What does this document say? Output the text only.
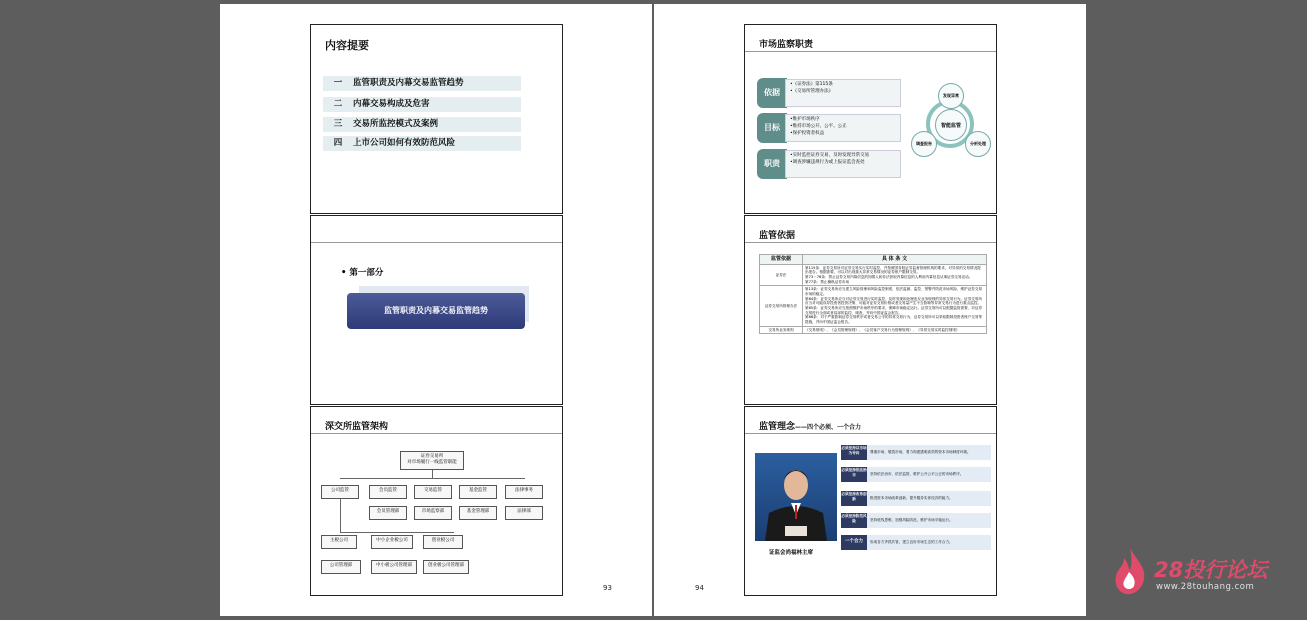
内容提要
一 监管职责及内幕交易监管趋势
二 内幕交易构成及危害
三 交易所监控模式及案例
四 上市公司如何有效防范风险
• 第一部分
监管职责及内幕交易监管趋势
深交所监管架构
证券交易所
对市场履行一线监管职能
公司监管	会员监管	交易监管	基金监管	法律事务
会员管理部	市场监察部	基金管理部	法律部
主板公司	中小企业板公司	创业板公司
公司管理部	中小板公司管理部	创业板公司管理部
93
市场监察职责
依据
•《证券法》第115条
•《交易所管理办法》
目标
•维护市场秩序
•维持市场公开、公平、公正
•保护投资者权益
职责
•实时监控证券交易，及时发现异常交易
•调查涉嫌违规行为或上报证监会查处
智能监管
发现异常
分析处理
调查报告
监管依据
监管依据	具 体 条 文
证券法	第115条：证券交易所对证券交易实行实时监控，并按照国务院证券监督管理机构的要求，对异常的交易情况提出报告。根据需要，可以对出现重大异常交易情况的证券账户限制交易。
第73－76条：禁止证券交易内幕信息的知情人和非法获取内幕信息的人利用内幕信息从事证券交易活动。
第77条：禁止操纵证券市场

证券交易所管理办法	第13条：证券交易所应当建立风险管理和风险监控制度，依法监测、监控、预警并防范市场风险，维护证券交易市场的稳定。
第64条：证券交易所应当对证券交易进行实时监控，及时发现和处理违反业务规则的异常交易行为。证券交易所应当对可能误导投资者投资决策、可能对证券交易价格或者交易量产生不当影响等异常交易行为进行重点监控。
第65条：证券交易所应当按照维护市场秩序的要求，保障市场稳定运行。证券交易所可以根据监管需要，对证券交易进行全面或者局部的监控、调查，并向中国证监会报告。
第66条：对于严重影响证券交易秩序或者交易公平的异常交易行为，证券交易所可以采取限制投资者账户交易等措施，并向中国证监会报告。

交易所业务规则	《交易规则》、《会员管理规则》、《会员客户交易行为管理规则》、《异常交易实时监控细则》
监管理念——四个必须、一个合力
证监会尚福林主席
必须坚持以市场为导向	尊重市场、敬畏市场，着力构建透明高效的资本市场制度环境。
必须坚持依法治市	坚持依法治市、依法监管，维护公开公平公正的市场秩序。
必须坚持改革创新	推进资本市场改革创新，提升服务实体经济的能力。
必须坚持防范风险	坚持底线思维，加强风险防范，维护市场平稳运行。
一个合力	形成各方齐抓共管，建立良好市场生态的工作合力。
94
28投行论坛
www.28touhang.com
